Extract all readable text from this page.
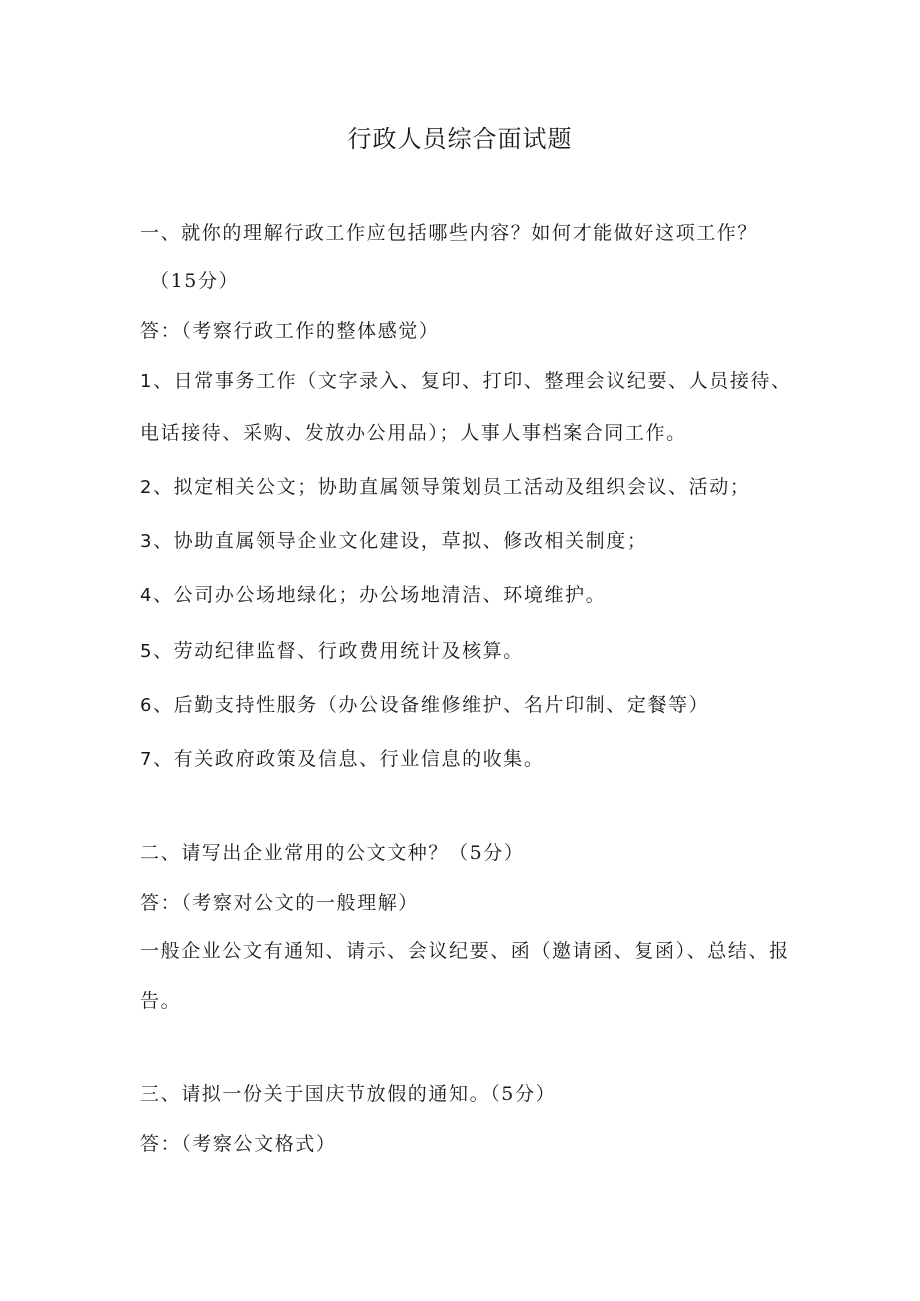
行政人员综合面试题
一、就你的理解行政工作应包括哪些内容？如何才能做好这项工作？
（15分）
答：（考察行政工作的整体感觉）
1、日常事务工作（文字录入、复印、打印、整理会议纪要、人员接待、
电话接待、采购、发放办公用品）；人事人事档案合同工作。
2、拟定相关公文；协助直属领导策划员工活动及组织会议、活动；
3、协助直属领导企业文化建设，草拟、修改相关制度；
4、公司办公场地绿化；办公场地清洁、环境维护。
5、劳动纪律监督、行政费用统计及核算。
6、后勤支持性服务（办公设备维修维护、名片印制、定餐等）
7、有关政府政策及信息、行业信息的收集。
二、请写出企业常用的公文文种？（5分）
答：（考察对公文的一般理解）
一般企业公文有通知、请示、会议纪要、函（邀请函、复函）、总结、报
告。
三、请拟一份关于国庆节放假的通知。（5分）
答：（考察公文格式）
